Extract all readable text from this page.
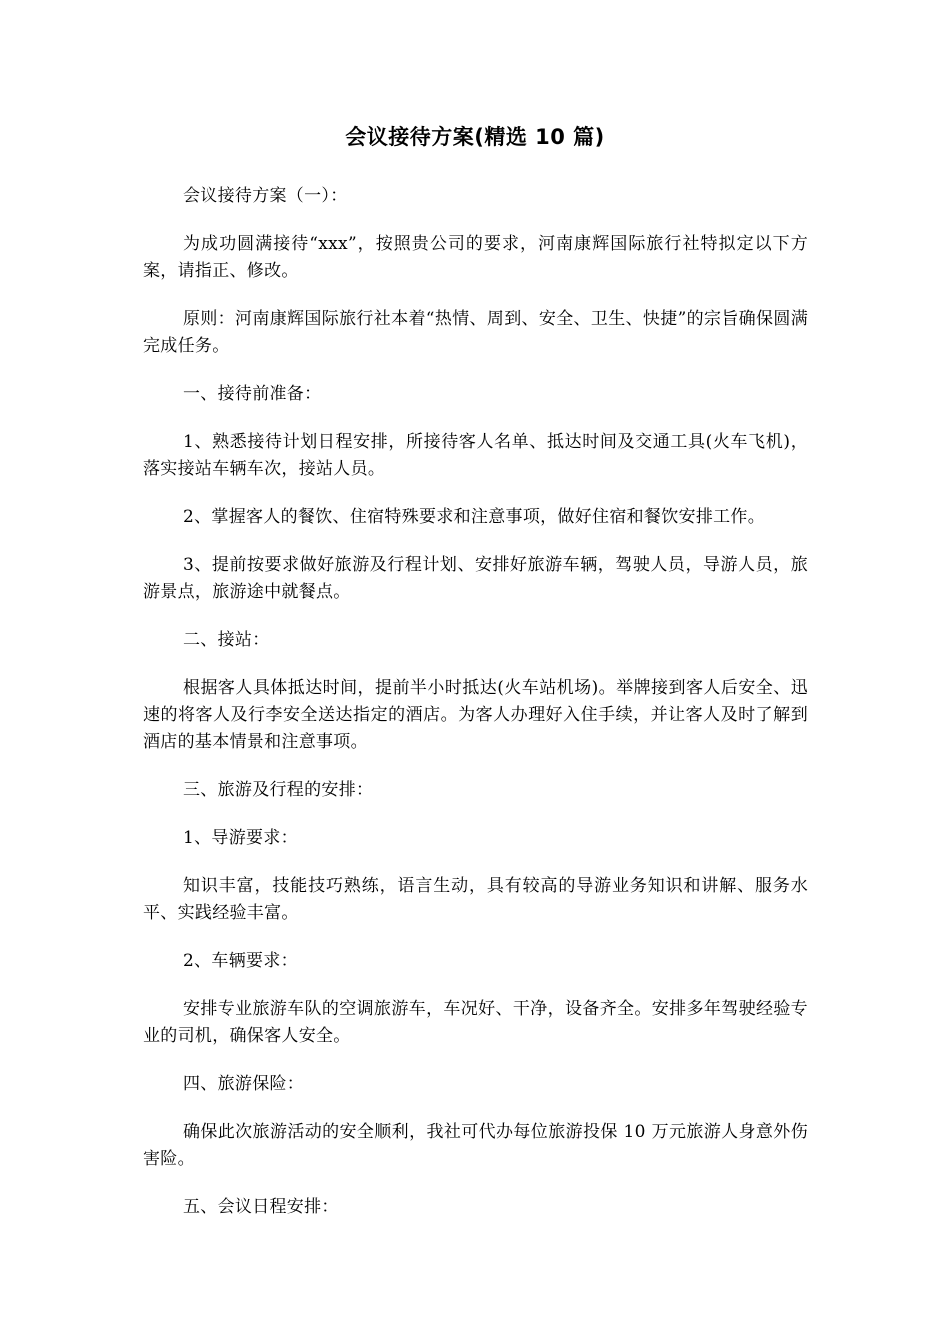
会议接待方案(精选 10 篇)

会议接待方案（一）：

为成功圆满接待“xxx”，按照贵公司的要求，河南康辉国际旅行社特拟定以下方案，请指正、修改。

原则：河南康辉国际旅行社本着“热情、周到、安全、卫生、快捷”的宗旨确保圆满完成任务。

一、接待前准备：

1、熟悉接待计划日程安排，所接待客人名单、抵达时间及交通工具(火车飞机)，落实接站车辆车次，接站人员。

2、掌握客人的餐饮、住宿特殊要求和注意事项，做好住宿和餐饮安排工作。

3、提前按要求做好旅游及行程计划、安排好旅游车辆，驾驶人员，导游人员，旅游景点，旅游途中就餐点。

二、接站：

根据客人具体抵达时间，提前半小时抵达(火车站机场)。举牌接到客人后安全、迅速的将客人及行李安全送达指定的酒店。为客人办理好入住手续，并让客人及时了解到酒店的基本情景和注意事项。

三、旅游及行程的安排：

1、导游要求：

知识丰富，技能技巧熟练，语言生动，具有较高的导游业务知识和讲解、服务水平、实践经验丰富。

2、车辆要求：

安排专业旅游车队的空调旅游车，车况好、干净，设备齐全。安排多年驾驶经验专业的司机，确保客人安全。

四、旅游保险：

确保此次旅游活动的安全顺利，我社可代办每位旅游投保 10 万元旅游人身意外伤害险。

五、会议日程安排：
